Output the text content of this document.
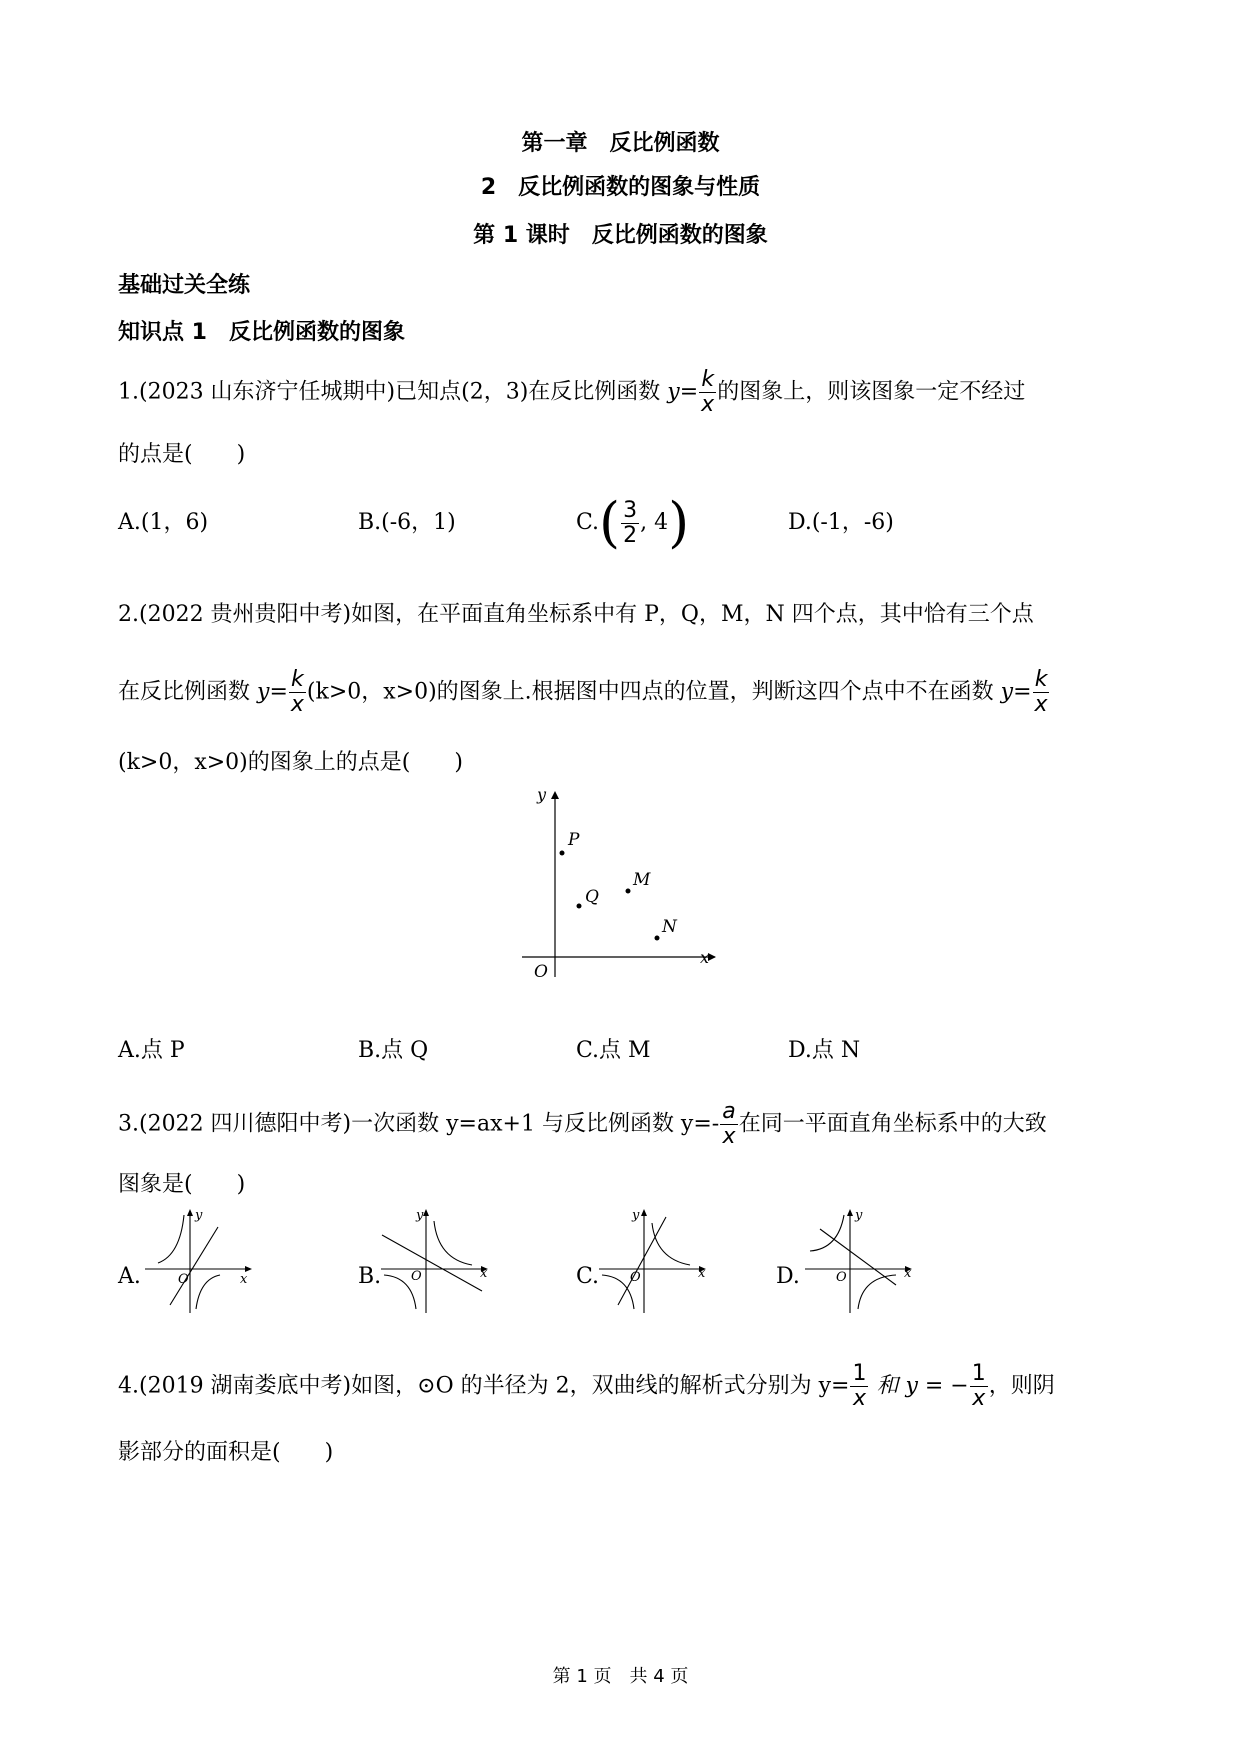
第一章　反比例函数
2　反比例函数的图象与性质
第 1 课时　反比例函数的图象
基础过关全练
知识点 1　反比例函数的图象
1.(2023 山东济宁任城期中)已知点(2，3)在反比例函数 $y= \frac{k}{x}$ 的图象上，则该图象一定不经过
的点是(　　)
A.(1，6)	B.(-6，1)	$C.( \frac{3}{2}$ , 4)	D.(-1，-6)
2.(2022 贵州贵阳中考)如图，在平面直角坐标系中有 P，Q，M，N 四个点，其中恰有三个点
在反比例函数 $y= \frac{k}{x} (k>0$，x>0)的图象上.根据图中四点的位置，判断这四个点中不在函数 $y= \frac{k}{x}$
(k>0，x>0)的图象上的点是(　　)
y
x
O
P
Q
M
N
A.点 P	B.点 Q	C.点 M	D.点 N
3.(2022 四川德阳中考)一次函数 y=ax+1 与反比例函数 $y=- \frac{a}{x}$ 在同一平面直角坐标系中的大致
图象是(　　)
A.
y
x
O	B.
y
x
O	C.
y
x
O	D.
y
x
O
4.(2019 湖南娄底中考)如图，⊙O 的半径为 2，双曲线的解析式分别为 $y= \frac{1}{x}$ 和 y = − $\frac{1}{x}$ ，则阴
影部分的面积是(　　)
第 1 页　共 4 页
